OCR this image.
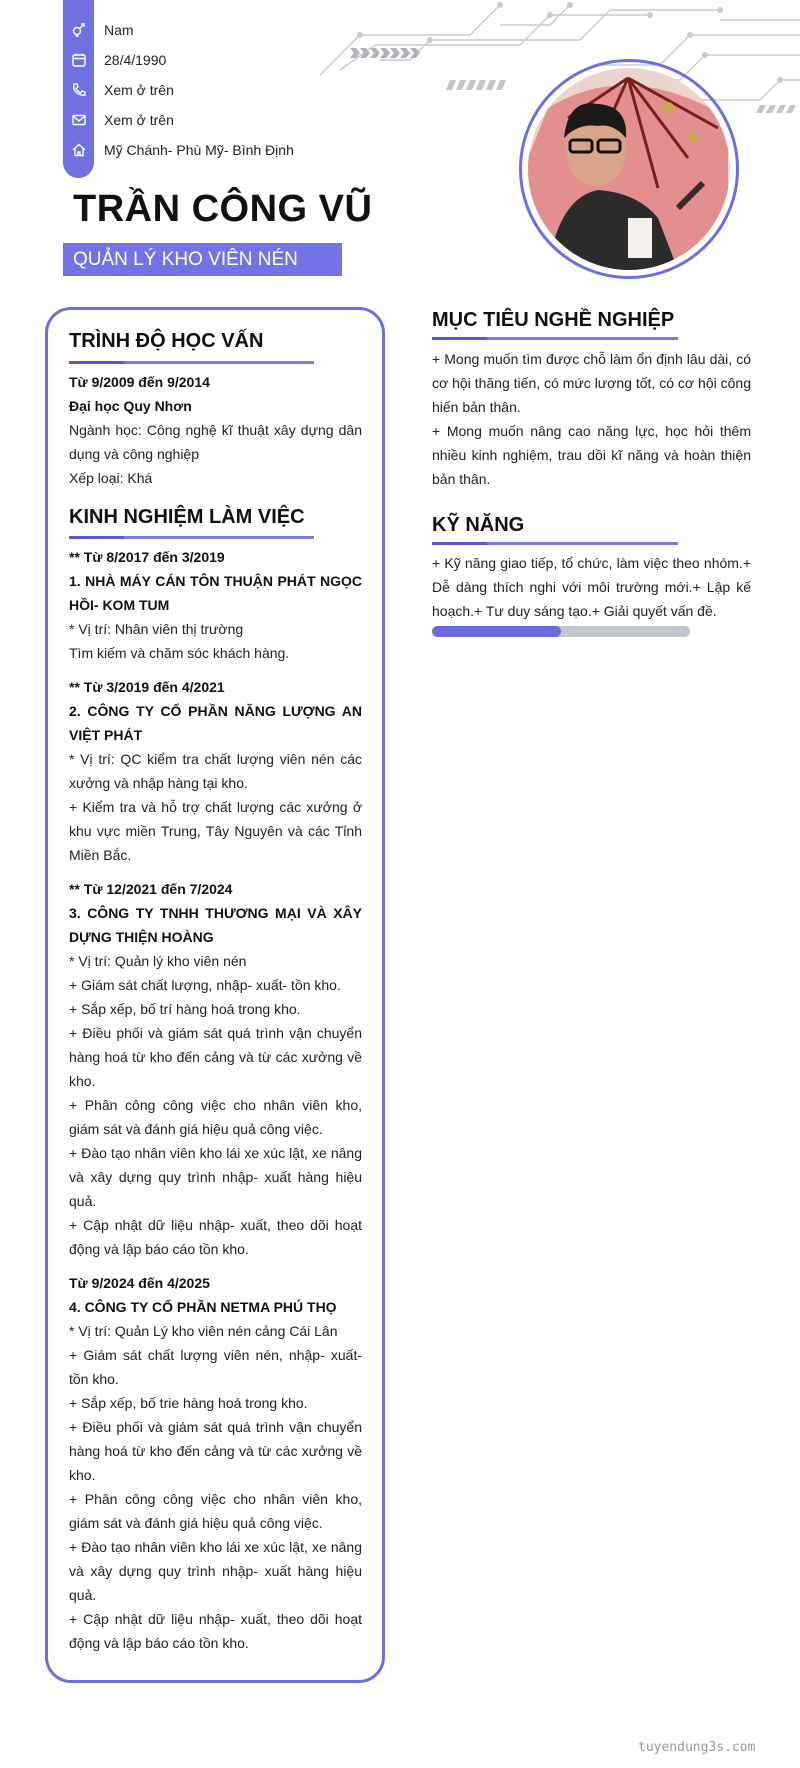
Nam
28/4/1990
Xem ở trên
Xem ở trên
Mỹ Chánh- Phù Mỹ- Bình Định
TRẦN CÔNG VŨ
QUẢN LÝ KHO VIÊN NÉN
TRÌNH ĐỘ HỌC VẤN

Từ 9/2009 đến 9/2014

Đại học Quy Nhơn

Ngành học: Công nghệ kĩ thuật xây dựng dân dụng và công nghiệp

Xếp loại: Khá

KINH NGHIỆM LÀM VIỆC

** Từ 8/2017 đến 3/2019

1. NHÀ MÁY CÁN TÔN THUẬN PHÁT NGỌC HỒI- KOM TUM

* Vị trí: Nhân viên thị trường

Tìm kiếm và chăm sóc khách hàng.

** Từ 3/2019 đến 4/2021

2. CÔNG TY CỔ PHẦN NĂNG LƯỢNG AN VIỆT PHÁT

* Vị trí: QC kiểm tra chất lượng viên nén các xưởng và nhập hàng tại kho.

+ Kiểm tra và hỗ trợ chất lượng các xưởng ở khu vực miền Trung, Tây Nguyên và các Tỉnh Miền Bắc.

** Từ 12/2021 đến 7/2024

3. CÔNG TY TNHH THƯƠNG MẠI VÀ XÂY DỰNG THIỆN HOÀNG

* Vị trí: Quản lý kho viên nén

+ Giám sát chất lượng, nhập- xuất- tồn kho.

+ Sắp xếp, bố trí hàng hoá trong kho.

+ Điều phối và giám sát quá trình vận chuyển hàng hoá từ kho đến cảng và từ các xưởng về kho.

+ Phân công công việc cho nhân viên kho, giám sát và đánh giá hiệu quả công việc.

+ Đào tạo nhân viên kho lái xe xúc lật, xe nâng và xây dựng quy trình nhập- xuất hàng hiệu quả.

+ Cập nhật dữ liệu nhập- xuất, theo dõi hoạt động và lập báo cáo tồn kho.

Từ 9/2024 đến 4/2025

4. CÔNG TY CỔ PHẦN NETMA PHÚ THỌ

* Vị trí: Quản Lý kho viên nén cảng Cái Lân

+ Giám sát chất lượng viên nén, nhập- xuất- tồn kho.

+ Sắp xếp, bố trie hàng hoá trong kho.

+ Điều phối và giám sát quá trình vận chuyển hàng hoá từ kho đến cảng và từ các xưởng về kho.

+ Phân công công việc cho nhân viên kho, giám sát và đánh giá hiệu quả công việc.

+ Đào tạo nhân viên kho lái xe xúc lật, xe nâng và xây dựng quy trình nhập- xuất hàng hiệu quả.

+ Cập nhật dữ liệu nhập- xuất, theo dõi hoạt động và lập báo cáo tồn kho.

MỤC TIÊU NGHỀ NGHIỆP

+ Mong muốn tìm được chỗ làm ổn định lâu dài, có cơ hội thăng tiến, có mức lương tốt, có cơ hội công hiến bản thân.

+ Mong muốn nâng cao năng lực, học hỏi thêm nhiều kinh nghiệm, trau dồi kĩ năng và hoàn thiện bản thân.

KỸ NĂNG
+ Kỹ năng giao tiếp, tổ chức, làm việc theo nhóm.+ Dễ dàng thích nghi với môi trường mới.+ Lập kế hoạch.+ Tư duy sáng tạo.+ Giải quyết vấn đề.
tuyendung3s.com
